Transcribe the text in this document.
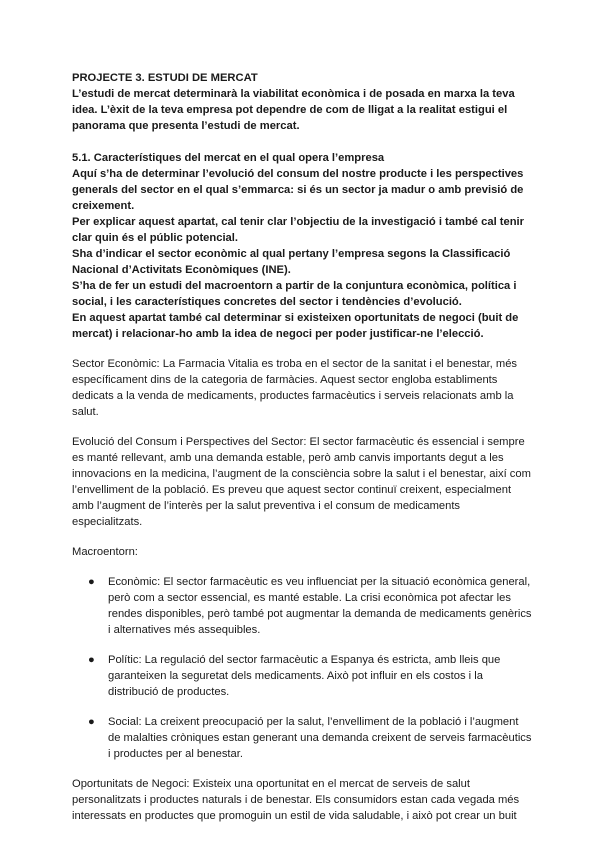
PROJECTE 3. ESTUDI DE MERCAT

L’estudi de mercat determinarà la viabilitat econòmica i de posada en marxa la teva idea. L’èxit de la teva empresa pot dependre de com de lligat a la realitat estigui el panorama que presenta l’estudi de mercat.

5.1. Característiques del mercat en el qual opera l’empresa

Aquí s’ha de determinar l’evolució del consum del nostre producte i les perspectives generals del sector en el qual s’emmarca: si és un sector ja madur o amb previsió de creixement.

Per explicar aquest apartat, cal tenir clar l’objectiu de la investigació i també cal tenir clar quin és el públic potencial.

Sha d’indicar el sector econòmic al qual pertany l’empresa segons la Classificació Nacional d’Activitats Econòmiques (INE).

S’ha de fer un estudi del macroentorn a partir de la conjuntura econòmica, política i social, i les característiques concretes del sector i tendències d’evolució.

En aquest apartat també cal determinar si existeixen oportunitats de negoci (buit de mercat) i relacionar-ho amb la idea de negoci per poder justificar-ne l’elecció.

Sector Econòmic: La Farmacia Vitalia es troba en el sector de la sanitat i el benestar, més específicament dins de la categoria de farmàcies. Aquest sector engloba establiments dedicats a la venda de medicaments, productes farmacèutics i serveis relacionats amb la salut.

Evolució del Consum i Perspectives del Sector: El sector farmacèutic és essencial i sempre es manté rellevant, amb una demanda estable, però amb canvis importants degut a les innovacions en la medicina, l’augment de la consciència sobre la salut i el benestar, així com l’envelliment de la població. Es preveu que aquest sector continuï creixent, especialment amb l’augment de l’interès per la salut preventiva i el consum de medicaments especialitzats.

Macroentorn:

● Econòmic: El sector farmacèutic es veu influenciat per la situació econòmica general, però com a sector essencial, es manté estable. La crisi econòmica pot afectar les rendes disponibles, però també pot augmentar la demanda de medicaments genèrics i alternatives més assequibles.
● Polític: La regulació del sector farmacèutic a Espanya és estricta, amb lleis que garanteixen la seguretat dels medicaments. Això pot influir en els costos i la distribució de productes.
● Social: La creixent preocupació per la salut, l’envelliment de la població i l’augment de malalties cròniques estan generant una demanda creixent de serveis farmacèutics i productes per al benestar.

Oportunitats de Negoci: Existeix una oportunitat en el mercat de serveis de salut personalitzats i productes naturals i de benestar. Els consumidors estan cada vegada més interessats en productes que promoguin un estil de vida saludable, i això pot crear un buit
